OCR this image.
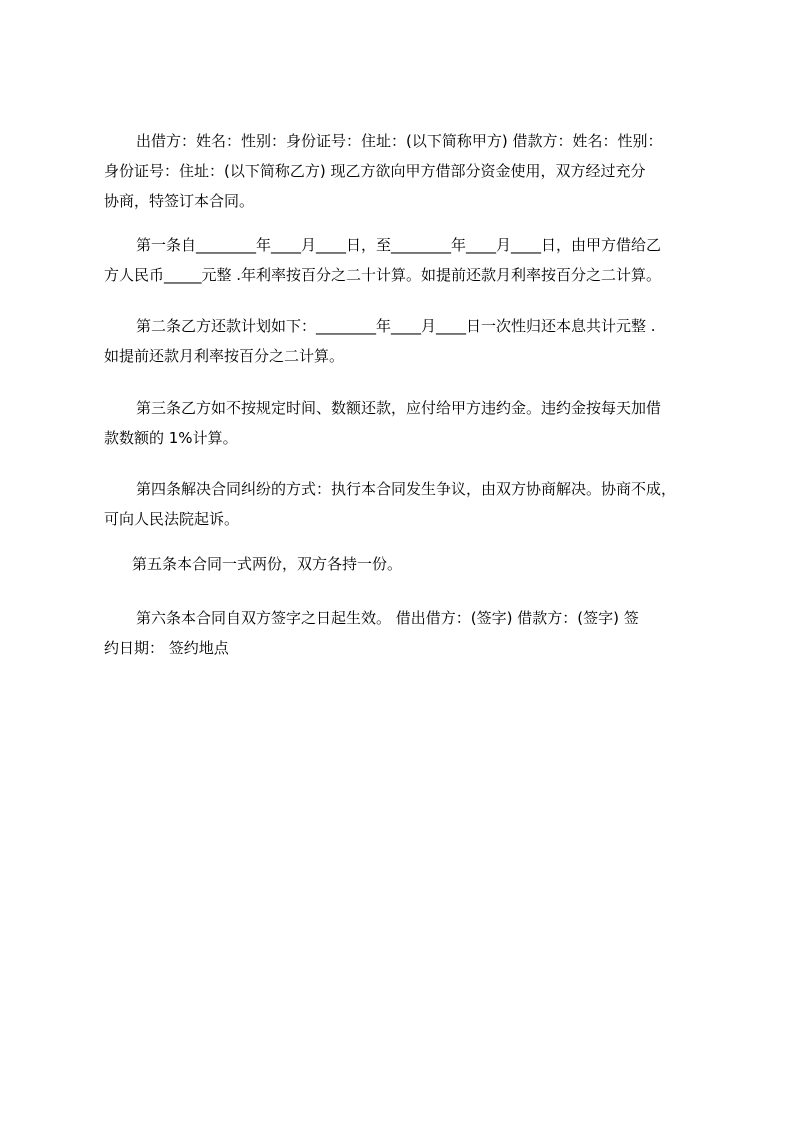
出借方：姓名：性别：身份证号：住址：(以下简称甲方) 借款方：姓名：性别：
身份证号：住址：(以下简称乙方) 现乙方欲向甲方借部分资金使用，双方经过充分
协商，特签订本合同。
第一条自________年____月____日，至________年____月____日，由甲方借给乙
方人民币_____元整 .年利率按百分之二十计算。如提前还款月利率按百分之二计算。
第二条乙方还款计划如下：________年____月____日一次性归还本息共计元整 .
如提前还款月利率按百分之二计算。
第三条乙方如不按规定时间、数额还款，应付给甲方违约金。违约金按每天加借
款数额的 1%计算。
第四条解决合同纠纷的方式：执行本合同发生争议，由双方协商解决。协商不成，
可向人民法院起诉。
第五条本合同一式两份，双方各持一份。
第六条本合同自双方签字之日起生效。 借出借方：(签字) 借款方：(签字) 签
约日期： 签约地点
